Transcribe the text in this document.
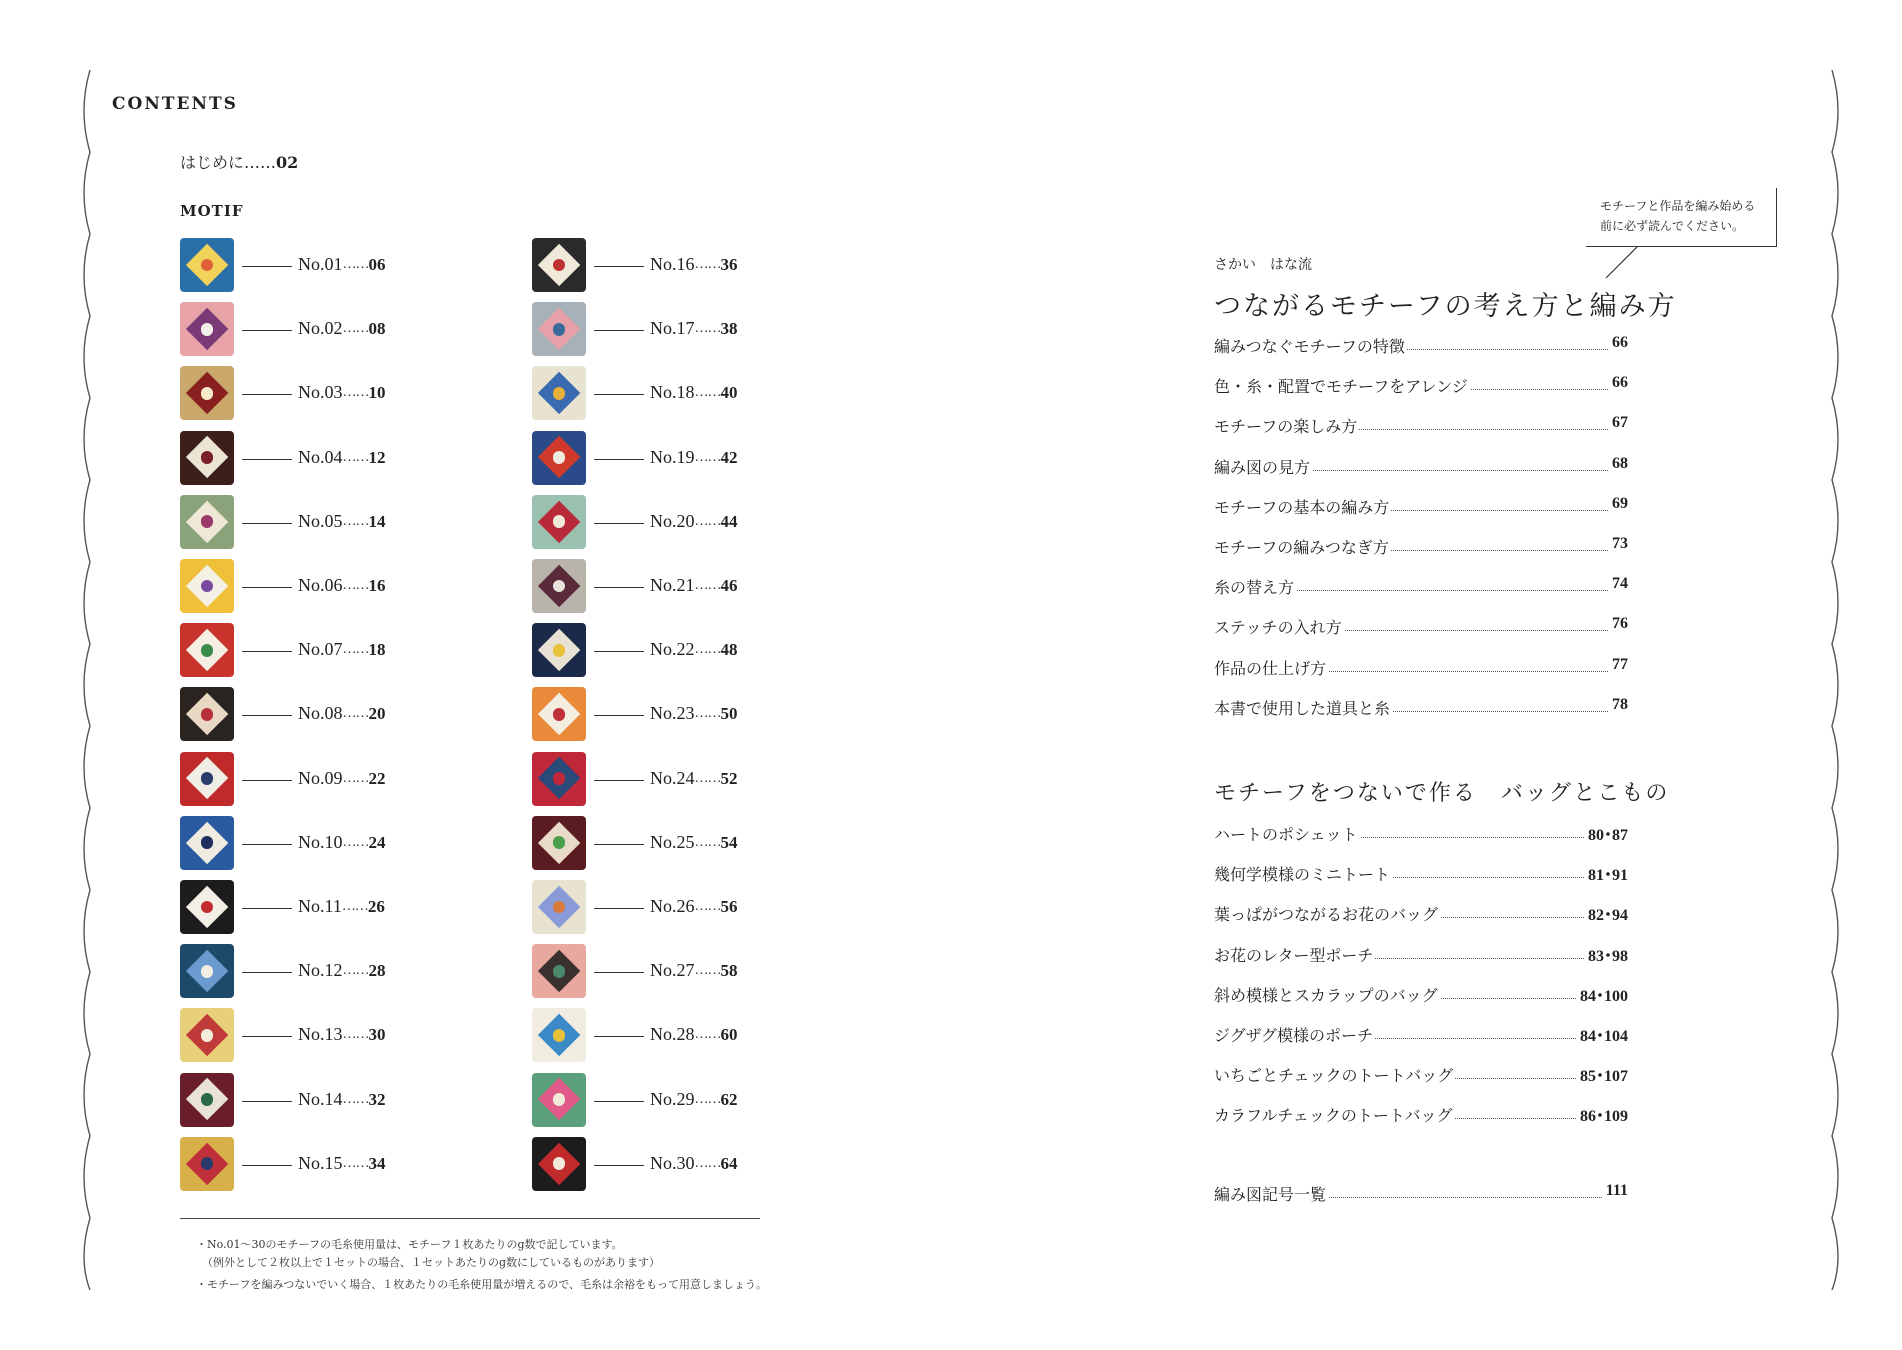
CONTENTS
はじめに……02
MOTIF
No.01……06
No.02……08
No.03……10
No.04……12
No.05……14
No.06……16
No.07……18
No.08……20
No.09……22
No.10……24
No.11……26
No.12……28
No.13……30
No.14……32
No.15……34
No.16……36
No.17……38
No.18……40
No.19……42
No.20……44
No.21……46
No.22……48
No.23……50
No.24……52
No.25……54
No.26……56
No.27……58
No.28……60
No.29……62
No.30……64
・No.01〜30のモチーフの毛糸使用量は、モチーフ１枚あたりのg数で記しています。
（例外として２枚以上で１セットの場合、１セットあたりのg数にしているものがあります）
・モチーフを編みつないでいく場合、１枚あたりの毛糸使用量が増えるので、毛糸は余裕をもって用意しましょう。
モチーフと作品を編み始める
前に必ず読んでください。
さかい　はな流
つながるモチーフの考え方と編み方
編みつなぐモチーフの特徴	66
色・糸・配置でモチーフをアレンジ	66
モチーフの楽しみ方	67
編み図の見方	68
モチーフの基本の編み方	69
モチーフの編みつなぎ方	73
糸の替え方	74
ステッチの入れ方	76
作品の仕上げ方	77
本書で使用した道具と糸	78
モチーフをつないで作る　バッグとこもの
ハートのポシェット	80･87
幾何学模様のミニトート	81･91
葉っぱがつながるお花のバッグ	82･94
お花のレター型ポーチ	83･98
斜め模様とスカラップのバッグ	84･100
ジグザグ模様のポーチ	84･104
いちごとチェックのトートバッグ	85･107
カラフルチェックのトートバッグ	86･109
編み図記号一覧	111
